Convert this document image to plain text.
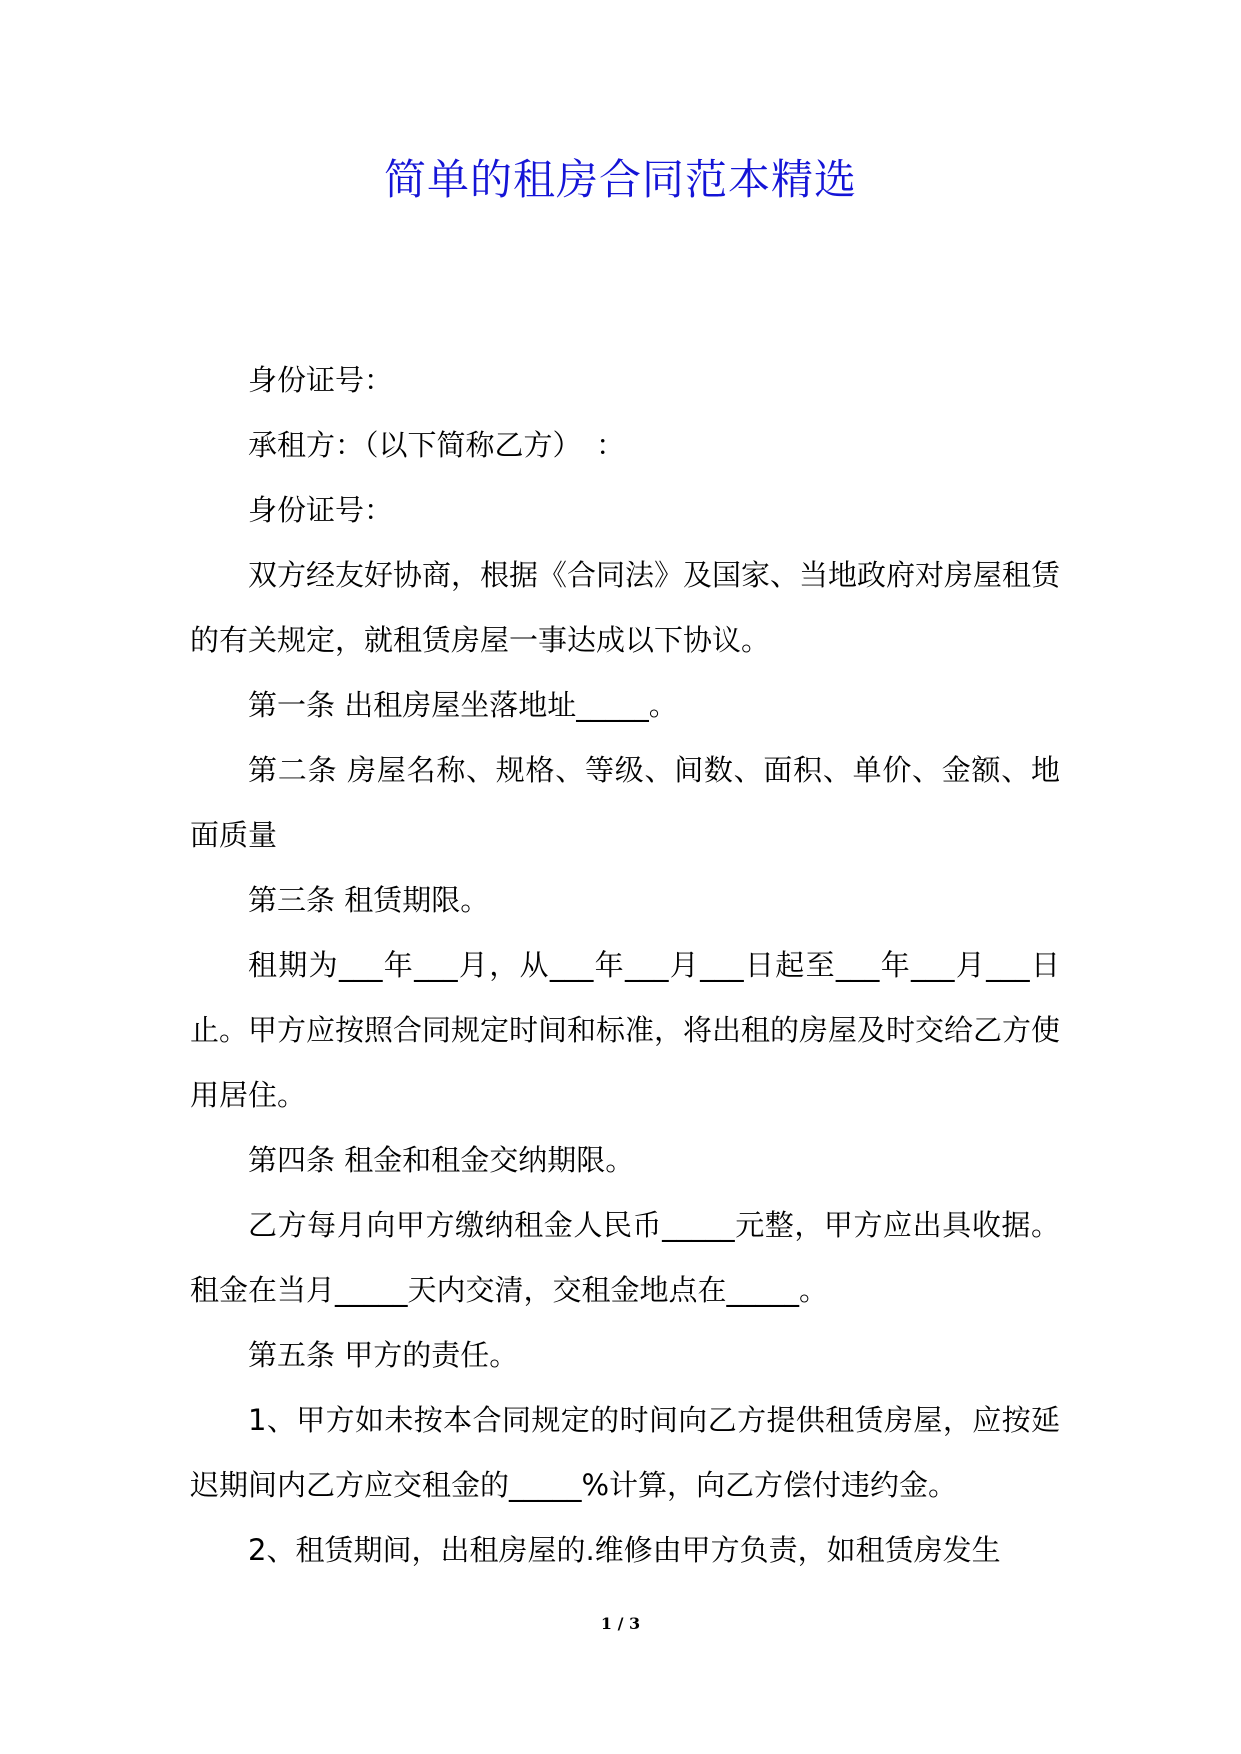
简单的租房合同范本精选

身份证号：

承租方：（以下简称乙方）　：

身份证号：

双方经友好协商，根据《合同法》及国家、当地政府对房屋租赁的有关规定，就租赁房屋一事达成以下协议。

第一条 出租房屋坐落地址_____。

第二条 房屋名称、规格、等级、间数、面积、单价、金额、地面质量

第三条 租赁期限。

租期为___年___月，从___年___月___日起至___年___月___日止。甲方应按照合同规定时间和标准，将出租的房屋及时交给乙方使用居住。

第四条 租金和租金交纳期限。

乙方每月向甲方缴纳租金人民币_____元整，甲方应出具收据。租金在当月_____天内交清，交租金地点在_____。

第五条 甲方的责任。

1、甲方如未按本合同规定的时间向乙方提供租赁房屋，应按延迟期间内乙方应交租金的_____%计算，向乙方偿付违约金。

2、租赁期间，出租房屋的.维修由甲方负责，如租赁房发生

1 / 3
